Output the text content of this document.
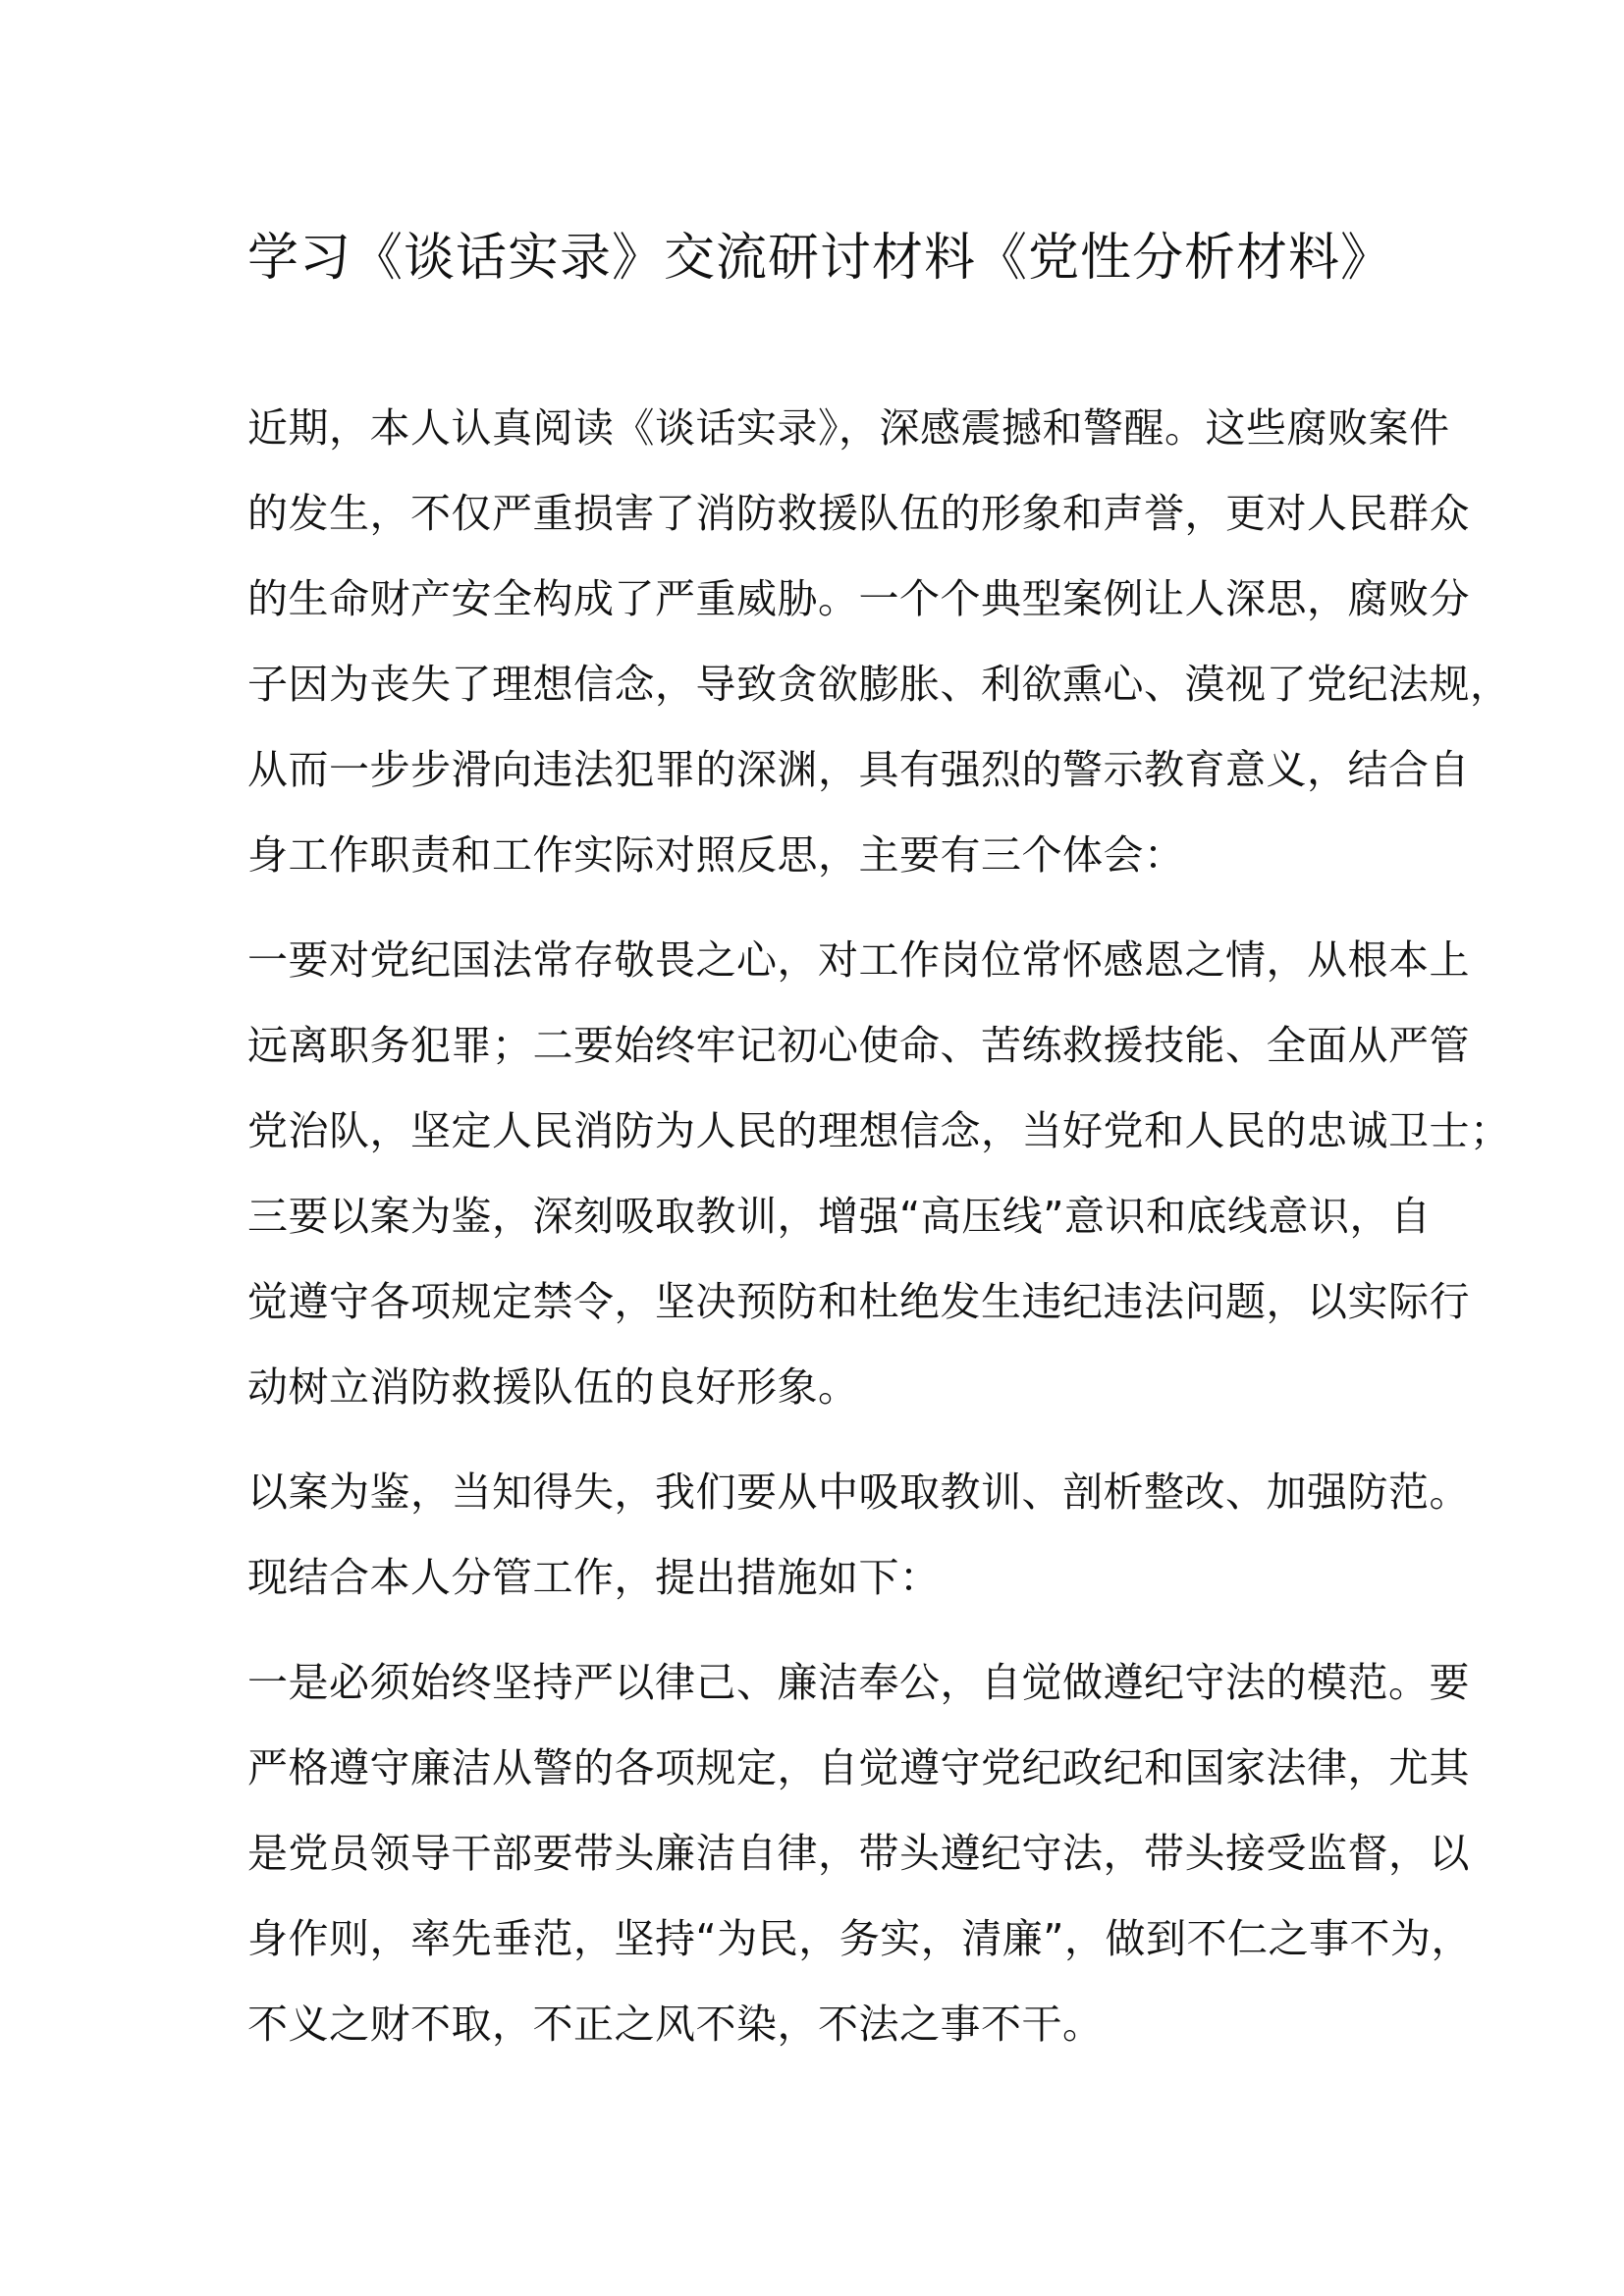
学习《谈话实录》交流研讨材料《党性分析材料》

近期，本人认真阅读《谈话实录》，深感震撼和警醒。这些腐败案件
的发生，不仅严重损害了消防救援队伍的形象和声誉，更对人民群众
的生命财产安全构成了严重威胁。一个个典型案例让人深思，腐败分
子因为丧失了理想信念，导致贪欲膨胀、利欲熏心、漠视了党纪法规，
从而一步步滑向违法犯罪的深渊，具有强烈的警示教育意义，结合自
身工作职责和工作实际对照反思，主要有三个体会：

一要对党纪国法常存敬畏之心，对工作岗位常怀感恩之情，从根本上
远离职务犯罪；二要始终牢记初心使命、苦练救援技能、全面从严管
党治队，坚定人民消防为人民的理想信念，当好党和人民的忠诚卫士；
三要以案为鉴，深刻吸取教训，增强“高压线”意识和底线意识，自
觉遵守各项规定禁令，坚决预防和杜绝发生违纪违法问题，以实际行
动树立消防救援队伍的良好形象。

以案为鉴，当知得失，我们要从中吸取教训、剖析整改、加强防范。
现结合本人分管工作，提出措施如下：

一是必须始终坚持严以律己、廉洁奉公，自觉做遵纪守法的模范。要
严格遵守廉洁从警的各项规定，自觉遵守党纪政纪和国家法律，尤其
是党员领导干部要带头廉洁自律，带头遵纪守法，带头接受监督，以
身作则，率先垂范，坚持“为民，务实，清廉”，做到不仁之事不为，
不义之财不取，不正之风不染，不法之事不干。
